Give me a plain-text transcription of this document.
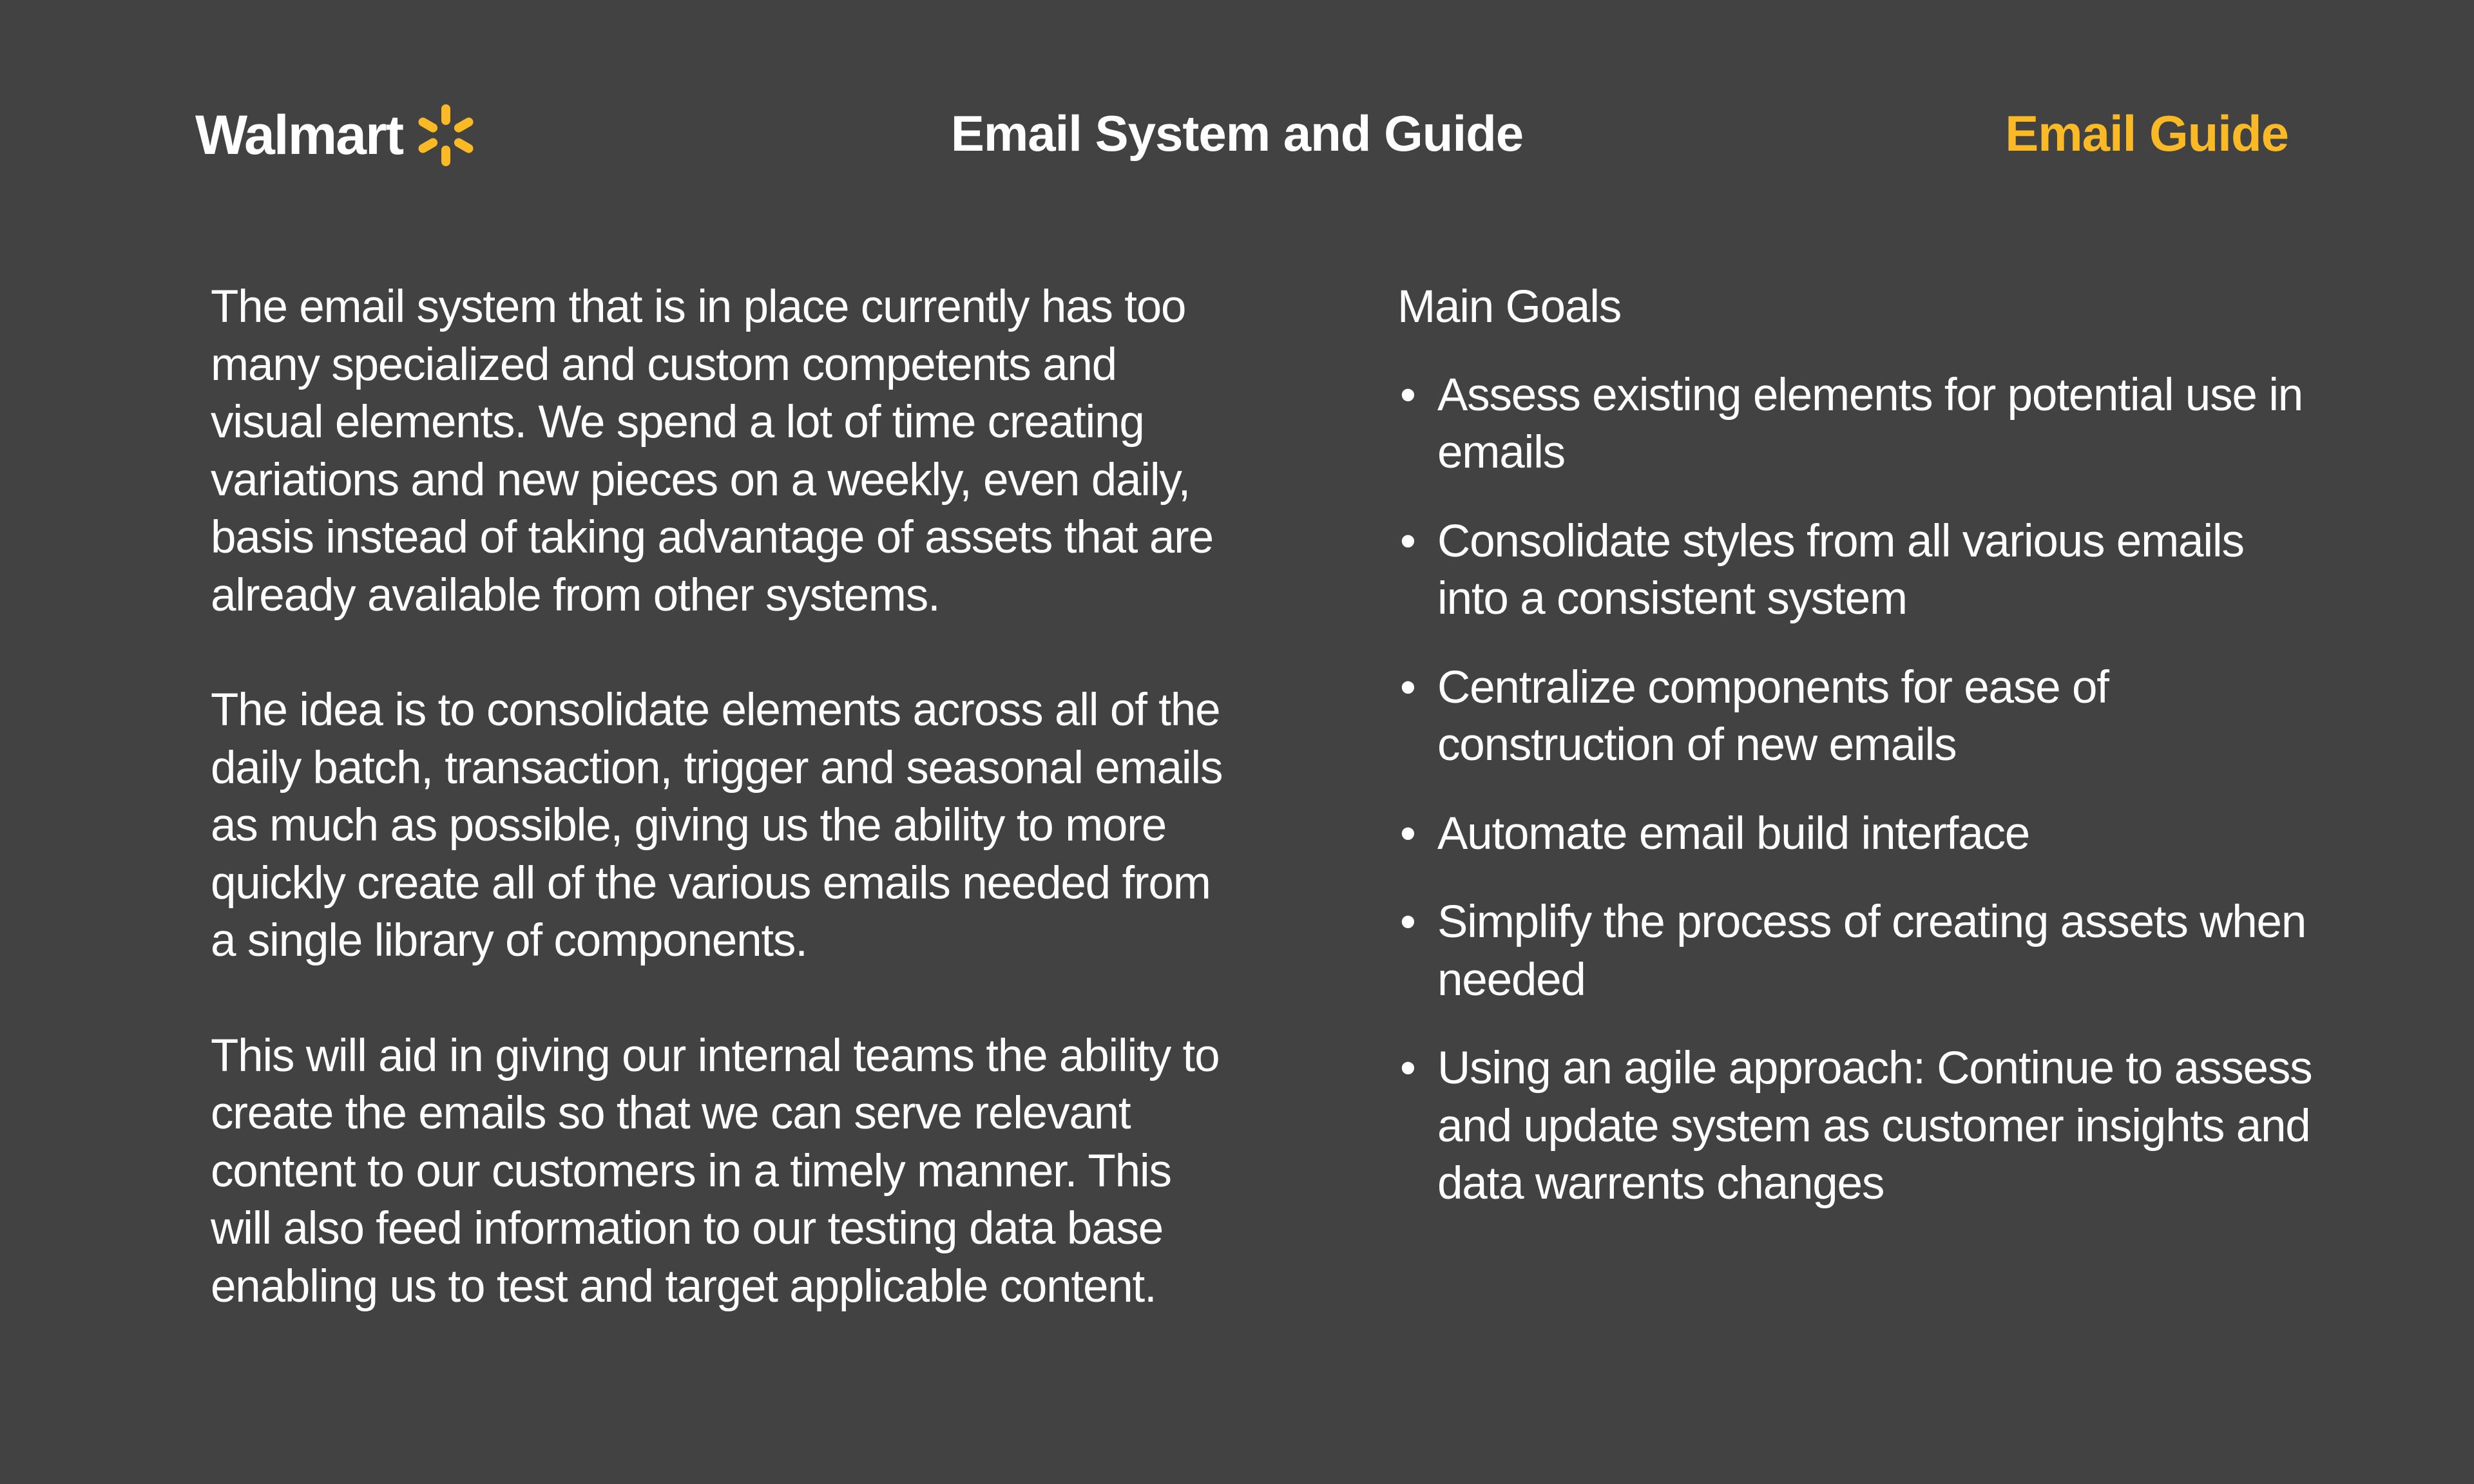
Walmart	Email System and Guide	Email Guide

The email system that is in place currently has too many specialized and custom competents and visual elements. We spend a lot of time creating variations and new pieces on a weekly, even daily, basis instead of taking advantage of assets that are already available from other systems.

The idea is to consolidate elements across all of the daily batch, transaction, trigger and seasonal emails as much as possible, giving us the ability to more quickly create all of the various emails needed from a single library of components.

This will aid in giving our internal teams the ability to create the emails so that we can serve relevant content to our customers in a timely manner. This will also feed information to our testing data base enabling us to test and target applicable content.

Main Goals
• Assess existing elements for potential use in emails
• Consolidate styles from all various emails into a consistent system
• Centralize components for ease of construction of new emails
• Automate email build interface
• Simplify the process of creating assets when needed
• Using an agile approach: Continue to assess and update system as customer insights and data warrents changes
